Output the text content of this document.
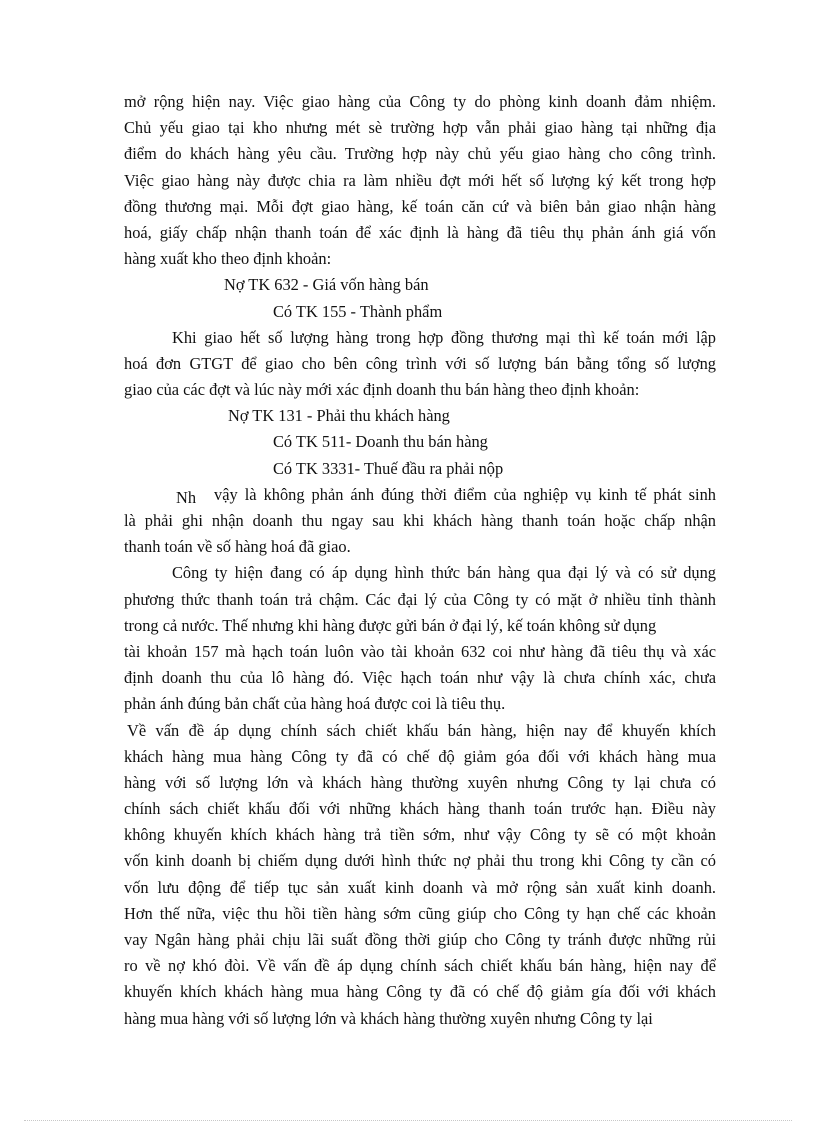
mở rộng hiện nay. Việc giao hàng của Công ty do phòng kinh doanh đảm nhiệm.
Chủ yếu giao tại kho nhưng mét sè trường hợp vẫn phải giao hàng tại những địa
điểm do khách hàng yêu cầu. Trường hợp này chủ yếu giao hàng cho công trình.
Việc giao hàng này được chia ra làm nhiều đợt mới hết số lượng ký kết trong hợp
đồng thương mại. Mỗi đợt giao hàng, kế toán căn cứ và biên bản giao nhận hàng
hoá, giấy chấp nhận thanh toán để xác định là hàng đã tiêu thụ phản ánh giá vốn
hàng xuất kho theo định khoản:
Nợ TK 632 - Giá vốn hàng bán
Có TK 155 - Thành phẩm
Khi giao hết số lượng hàng trong hợp đồng thương mại thì kế toán mới lập
hoá đơn GTGT để giao cho bên công trình với số lượng bán bằng tổng số lượng
giao của các đợt và lúc này mới xác định doanh thu bán hàng theo định khoản:
Nợ TK 131 - Phải thu khách hàng
Có TK 511- Doanh thu bán hàng
Có TK 3331- Thuế đầu ra phải nộp
Nh vậy là không phản ánh đúng thời điểm của nghiệp vụ kinh tế phát sinh
là phải ghi nhận doanh thu ngay sau khi khách hàng thanh toán hoặc chấp nhận
thanh toán về số hàng hoá đã giao.
Công ty hiện đang có áp dụng hình thức bán hàng qua đại lý và có sử dụng
phương thức thanh toán trả chậm. Các đại lý của Công ty có mặt ở nhiều tỉnh thành
trong cả nước. Thế nhưng khi hàng được gửi bán ở đại lý, kế toán không sử dụng
tài khoản 157 mà hạch toán luôn vào tài khoản 632 coi như hàng đã tiêu thụ và xác
định doanh thu của lô hàng đó. Việc hạch toán như vậy là chưa chính xác, chưa
phản ánh đúng bản chất của hàng hoá được coi là tiêu thụ.
Về vấn đề áp dụng chính sách chiết khấu bán hàng, hiện nay để khuyến khích
khách hàng mua hàng Công ty đã có chế độ giảm góa đối với khách hàng mua
hàng với số lượng lớn và khách hàng thường xuyên nhưng Công ty lại chưa có
chính sách chiết khấu đối với những khách hàng thanh toán trước hạn. Điều này
không khuyến khích khách hàng trả tiền sớm, như vậy Công ty sẽ có một khoản
vốn kinh doanh bị chiếm dụng dưới hình thức nợ phải thu trong khi Công ty cần có
vốn lưu động để tiếp tục sản xuất kinh doanh và mở rộng sản xuất kinh doanh.
Hơn thế nữa, việc thu hồi tiền hàng sớm cũng giúp cho Công ty hạn chế các khoản
vay Ngân hàng phải chịu lãi suất đồng thời giúp cho Công ty tránh được những rủi
ro về nợ khó đòi. Về vấn đề áp dụng chính sách chiết khấu bán hàng, hiện nay để
khuyến khích khách hàng mua hàng Công ty đã có chế độ giảm gía đối với khách
hàng mua hàng với số lượng lớn và khách hàng thường xuyên nhưng Công ty lại
